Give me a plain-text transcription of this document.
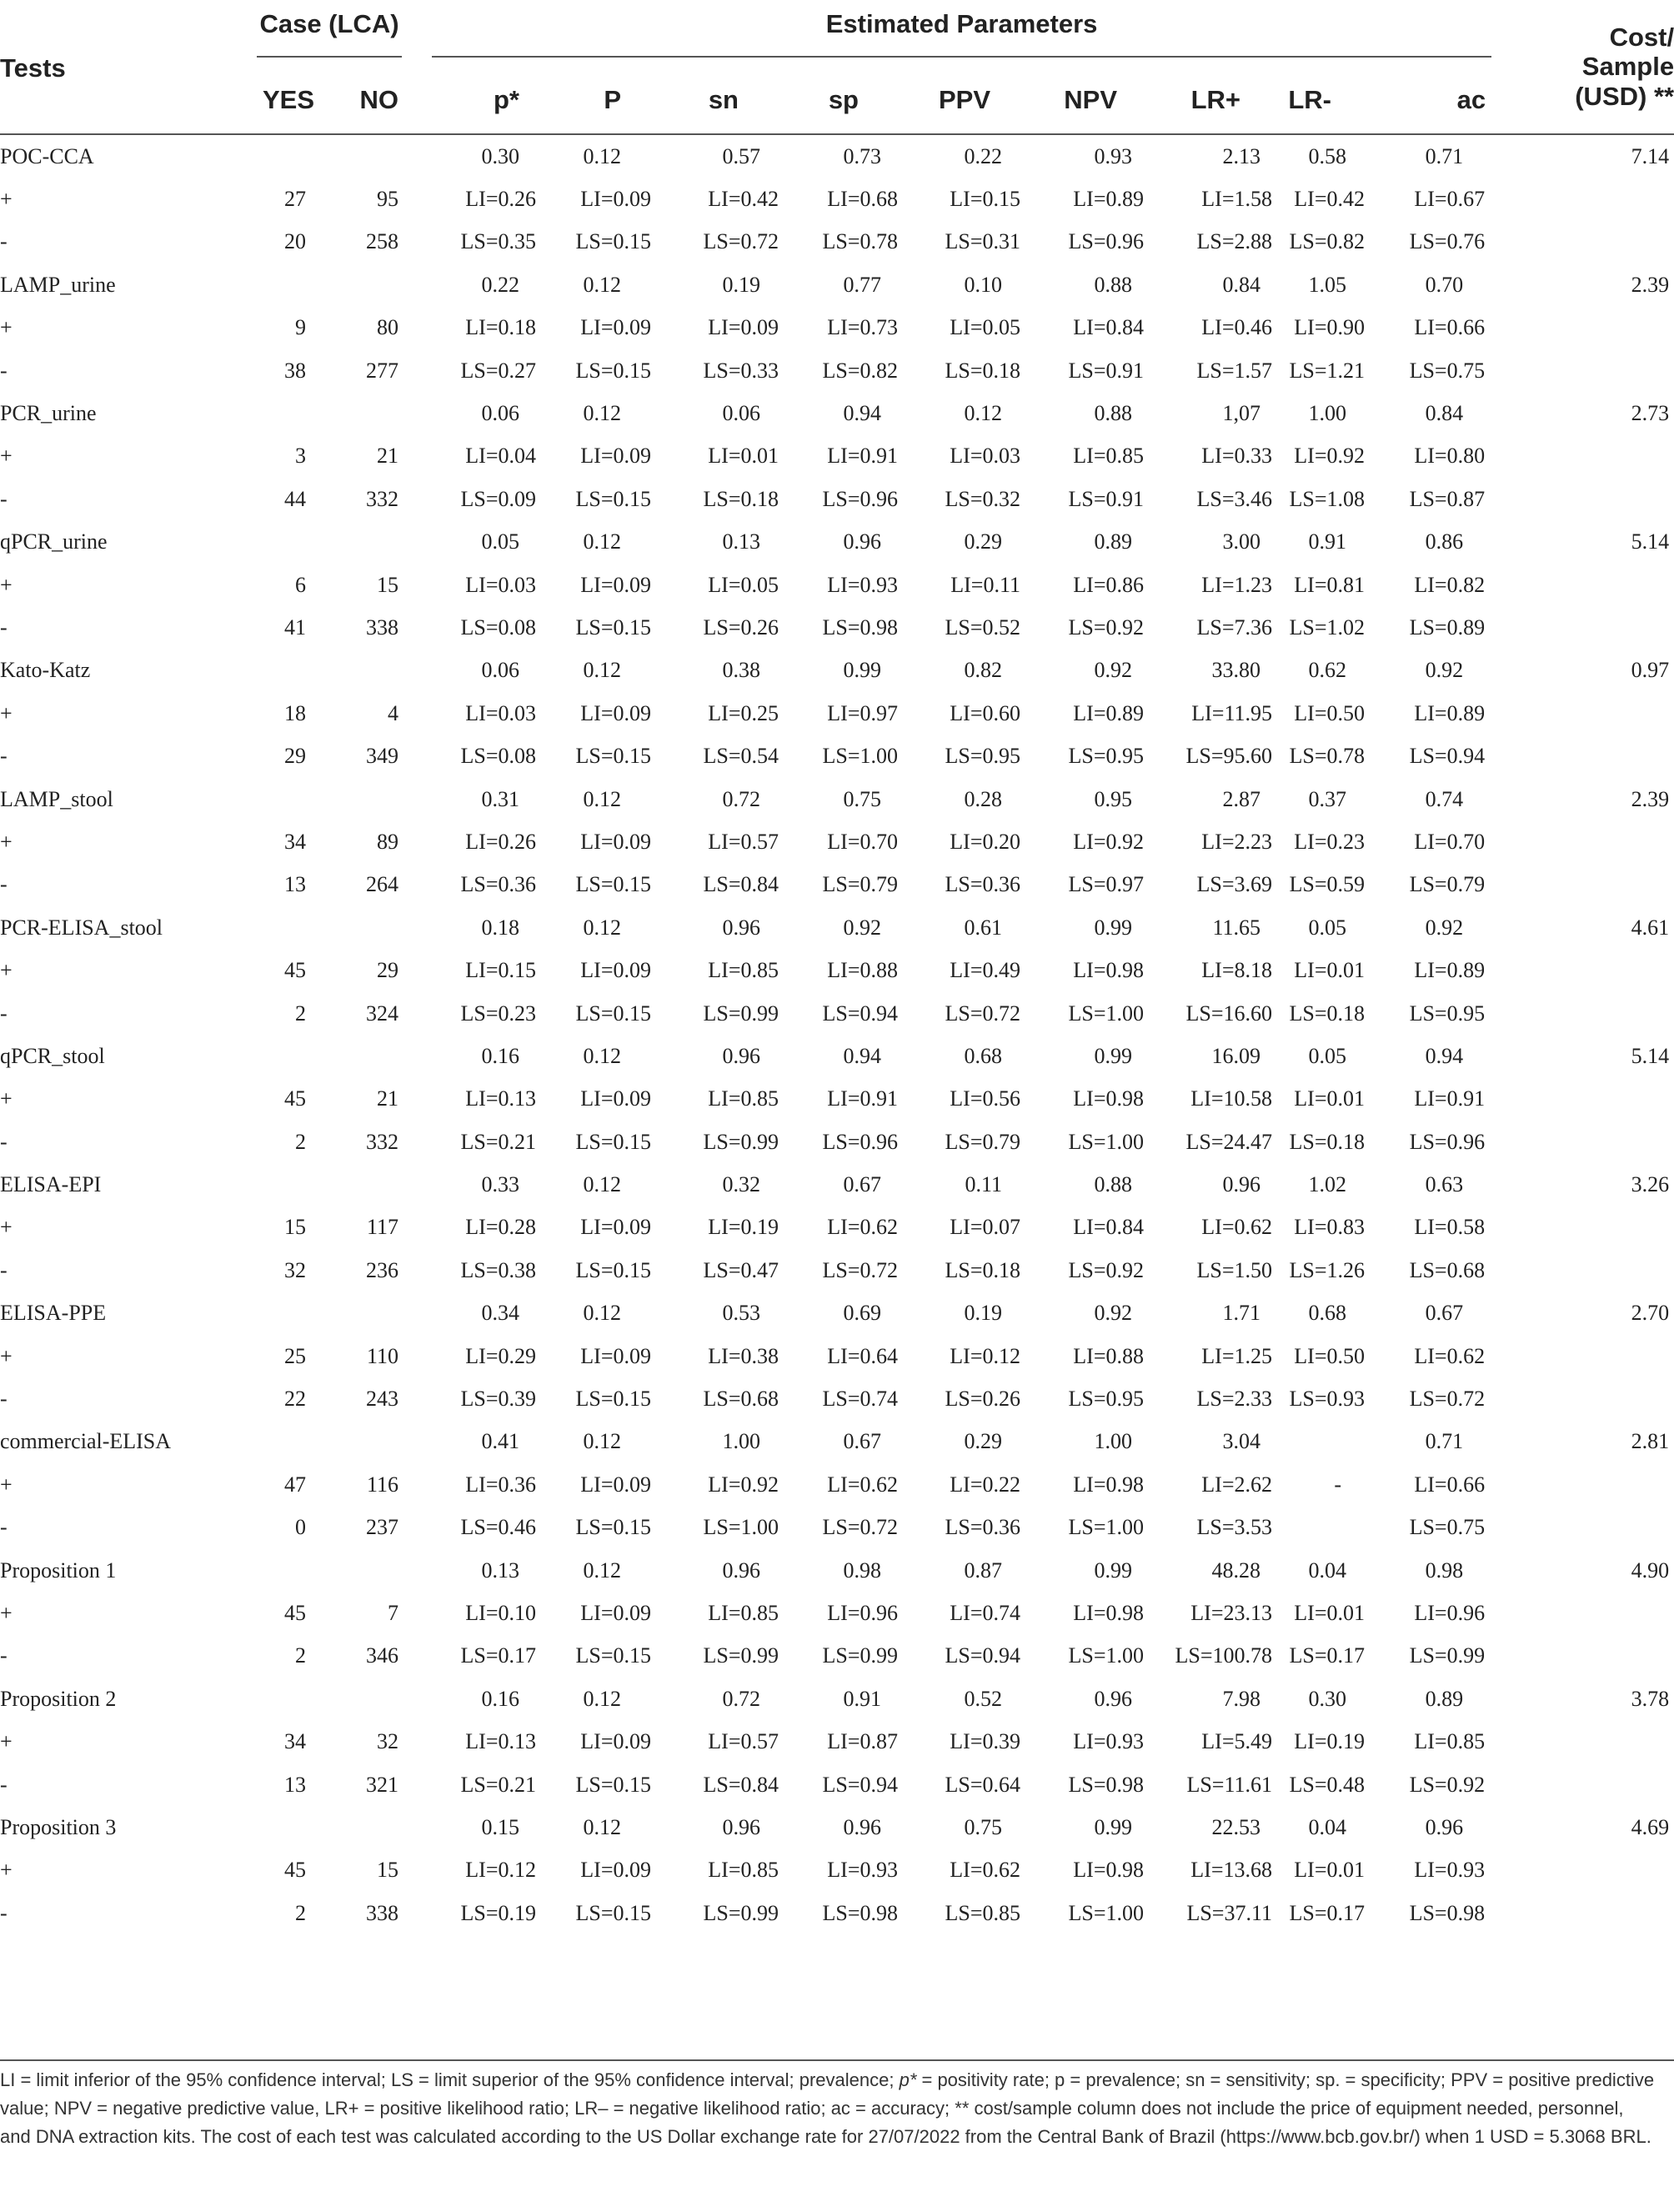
Tests	Case (LCA)		Estimated Parameters										Cost/
Sample
(USD) **	

	YES	NO	p*	P	sn	sp	PPV	NPV	LR+	LR-	ac			
POC-CCA			0.30	0.12	0.57	0.73	0.22	0.93	2.13	0.58	0.71		7.14	
+	27	95	LI=0.26	LI=0.09	LI=0.42	LI=0.68	LI=0.15	LI=0.89	LI=1.58	LI=0.42	LI=0.67			
-	20	258	LS=0.35	LS=0.15	LS=0.72	LS=0.78	LS=0.31	LS=0.96	LS=2.88	LS=0.82	LS=0.76			
LAMP_urine			0.22	0.12	0.19	0.77	0.10	0.88	0.84	1.05	0.70		2.39	
+	9	80	LI=0.18	LI=0.09	LI=0.09	LI=0.73	LI=0.05	LI=0.84	LI=0.46	LI=0.90	LI=0.66			
-	38	277	LS=0.27	LS=0.15	LS=0.33	LS=0.82	LS=0.18	LS=0.91	LS=1.57	LS=1.21	LS=0.75			
PCR_urine			0.06	0.12	0.06	0.94	0.12	0.88	1,07	1.00	0.84		2.73	
+	3	21	LI=0.04	LI=0.09	LI=0.01	LI=0.91	LI=0.03	LI=0.85	LI=0.33	LI=0.92	LI=0.80			
-	44	332	LS=0.09	LS=0.15	LS=0.18	LS=0.96	LS=0.32	LS=0.91	LS=3.46	LS=1.08	LS=0.87			
qPCR_urine			0.05	0.12	0.13	0.96	0.29	0.89	3.00	0.91	0.86		5.14	
+	6	15	LI=0.03	LI=0.09	LI=0.05	LI=0.93	LI=0.11	LI=0.86	LI=1.23	LI=0.81	LI=0.82			
-	41	338	LS=0.08	LS=0.15	LS=0.26	LS=0.98	LS=0.52	LS=0.92	LS=7.36	LS=1.02	LS=0.89			
Kato-Katz			0.06	0.12	0.38	0.99	0.82	0.92	33.80	0.62	0.92		0.97	
+	18	4	LI=0.03	LI=0.09	LI=0.25	LI=0.97	LI=0.60	LI=0.89	LI=11.95	LI=0.50	LI=0.89			
-	29	349	LS=0.08	LS=0.15	LS=0.54	LS=1.00	LS=0.95	LS=0.95	LS=95.60	LS=0.78	LS=0.94			
LAMP_stool			0.31	0.12	0.72	0.75	0.28	0.95	2.87	0.37	0.74		2.39	
+	34	89	LI=0.26	LI=0.09	LI=0.57	LI=0.70	LI=0.20	LI=0.92	LI=2.23	LI=0.23	LI=0.70			
-	13	264	LS=0.36	LS=0.15	LS=0.84	LS=0.79	LS=0.36	LS=0.97	LS=3.69	LS=0.59	LS=0.79			
PCR-ELISA_stool			0.18	0.12	0.96	0.92	0.61	0.99	11.65	0.05	0.92		4.61	
+	45	29	LI=0.15	LI=0.09	LI=0.85	LI=0.88	LI=0.49	LI=0.98	LI=8.18	LI=0.01	LI=0.89			
-	2	324	LS=0.23	LS=0.15	LS=0.99	LS=0.94	LS=0.72	LS=1.00	LS=16.60	LS=0.18	LS=0.95			
qPCR_stool			0.16	0.12	0.96	0.94	0.68	0.99	16.09	0.05	0.94		5.14	
+	45	21	LI=0.13	LI=0.09	LI=0.85	LI=0.91	LI=0.56	LI=0.98	LI=10.58	LI=0.01	LI=0.91			
-	2	332	LS=0.21	LS=0.15	LS=0.99	LS=0.96	LS=0.79	LS=1.00	LS=24.47	LS=0.18	LS=0.96			
ELISA-EPI			0.33	0.12	0.32	0.67	0.11	0.88	0.96	1.02	0.63		3.26	
+	15	117	LI=0.28	LI=0.09	LI=0.19	LI=0.62	LI=0.07	LI=0.84	LI=0.62	LI=0.83	LI=0.58			
-	32	236	LS=0.38	LS=0.15	LS=0.47	LS=0.72	LS=0.18	LS=0.92	LS=1.50	LS=1.26	LS=0.68			
ELISA-PPE			0.34	0.12	0.53	0.69	0.19	0.92	1.71	0.68	0.67		2.70	
+	25	110	LI=0.29	LI=0.09	LI=0.38	LI=0.64	LI=0.12	LI=0.88	LI=1.25	LI=0.50	LI=0.62			
-	22	243	LS=0.39	LS=0.15	LS=0.68	LS=0.74	LS=0.26	LS=0.95	LS=2.33	LS=0.93	LS=0.72			
commercial-ELISA			0.41	0.12	1.00	0.67	0.29	1.00	3.04		0.71		2.81	
+	47	116	LI=0.36	LI=0.09	LI=0.92	LI=0.62	LI=0.22	LI=0.98	LI=2.62	-	LI=0.66			
-	0	237	LS=0.46	LS=0.15	LS=1.00	LS=0.72	LS=0.36	LS=1.00	LS=3.53		LS=0.75			
Proposition 1			0.13	0.12	0.96	0.98	0.87	0.99	48.28	0.04	0.98		4.90	
+	45	7	LI=0.10	LI=0.09	LI=0.85	LI=0.96	LI=0.74	LI=0.98	LI=23.13	LI=0.01	LI=0.96			
-	2	346	LS=0.17	LS=0.15	LS=0.99	LS=0.99	LS=0.94	LS=1.00	LS=100.78	LS=0.17	LS=0.99			
Proposition 2			0.16	0.12	0.72	0.91	0.52	0.96	7.98	0.30	0.89		3.78	
+	34	32	LI=0.13	LI=0.09	LI=0.57	LI=0.87	LI=0.39	LI=0.93	LI=5.49	LI=0.19	LI=0.85			
-	13	321	LS=0.21	LS=0.15	LS=0.84	LS=0.94	LS=0.64	LS=0.98	LS=11.61	LS=0.48	LS=0.92			
Proposition 3			0.15	0.12	0.96	0.96	0.75	0.99	22.53	0.04	0.96		4.69	
+	45	15	LI=0.12	LI=0.09	LI=0.85	LI=0.93	LI=0.62	LI=0.98	LI=13.68	LI=0.01	LI=0.93			
-	2	338	LS=0.19	LS=0.15	LS=0.99	LS=0.98	LS=0.85	LS=1.00	LS=37.11	LS=0.17	LS=0.98			
LI = limit inferior of the 95% confidence interval; LS = limit superior of the 95% confidence interval; prevalence; p* = positivity rate; p = prevalence; sn = sensitivity; sp. = specificity; PPV = positive predictive value; NPV = negative predictive value, LR+ = positive likelihood ratio; LR– = negative likelihood ratio; ac = accuracy; ** cost/sample column does not include the price of equipment needed, personnel, and DNA extraction kits. The cost of each test was calculated according to the US Dollar exchange rate for 27/07/2022 from the Central Bank of Brazil (https://www.bcb.gov.br/) when 1 USD = 5.3068 BRL.
